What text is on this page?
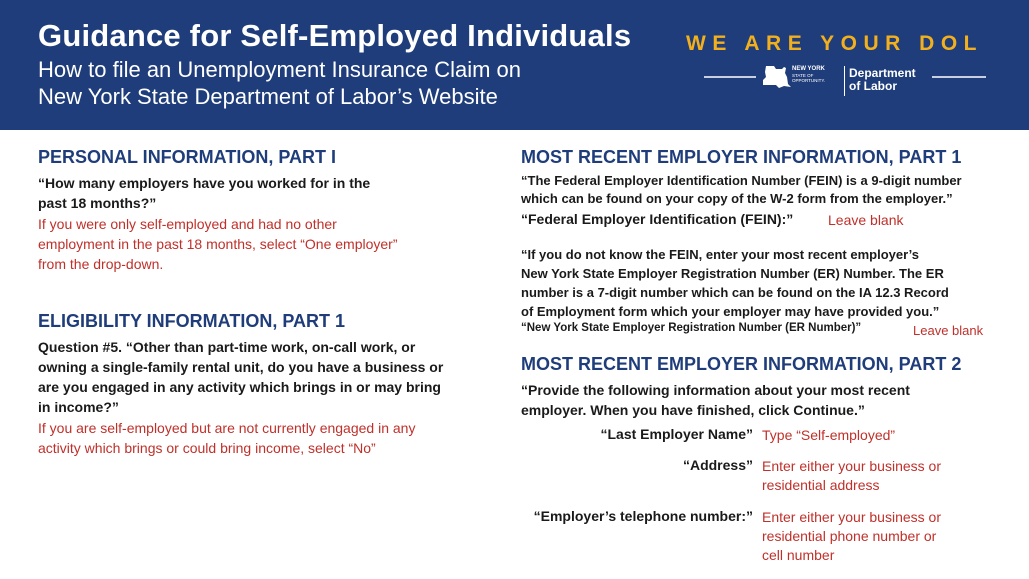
Guidance for Self-Employed Individuals

How to file an Unemployment Insurance Claim on

New York State Department of Labor’s Website

WE ARE YOUR DOL
NEW YORK
STATE OF
OPPORTUNITY.
Department
of Labor
PERSONAL INFORMATION, PART I
“How many employers have you worked for in the
past 18 months?”
If you were only self-employed and had no other
employment in the past 18 months, select “One employer”
from the drop-down.
ELIGIBILITY INFORMATION, PART 1
Question #5. “Other than part-time work, on-call work, or
owning a single-family rental unit, do you have a business or
are you engaged in any activity which brings in or may bring
in income?”
If you are self-employed but are not currently engaged in any
activity which brings or could bring income, select “No”
MOST RECENT EMPLOYER INFORMATION, PART 1
“The Federal Employer Identification Number (FEIN) is a 9-digit number
which can be found on your copy of the W-2 form from the employer.”
“Federal Employer Identification (FEIN):” Leave blank
“If you do not know the FEIN, enter your most recent employer’s
New York State Employer Registration Number (ER) Number. The ER
number is a 7-digit number which can be found on the IA 12.3 Record
of Employment form which your employer may have provided you.”
“New York State Employer Registration Number (ER Number)”	Leave blank
MOST RECENT EMPLOYER INFORMATION, PART 2
“Provide the following information about your most recent
employer. When you have finished, click Continue.”
“Last Employer Name” Type “Self-employed”
“Address” Enter either your business or
residential address
“Employer’s telephone number:” Enter either your business or
residential phone number or
cell number
